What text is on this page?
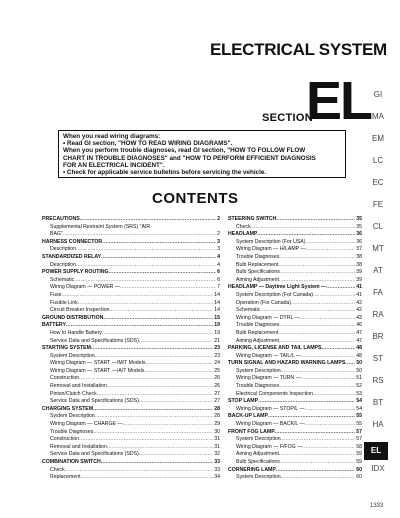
ELECTRICAL SYSTEM
SECTION
EL

When you read wiring diagrams:

• Read GI section, "HOW TO READ WIRING DIAGRAMS".

When you perform trouble diagnoses, read GI section, "HOW TO FOLLOW FLOW

CHART IN TROUBLE DIAGNOSES" and "HOW TO PERFORM EFFICIENT DIAGNOSIS

FOR AN ELECTRICAL INCIDENT".

• Check for applicable service bulletins before servicing the vehicle.

CONTENTS
PRECAUTIONS .....	2
Supplemental Restraint System (SRS) "AIR
BAG" .....	2
HARNESS CONNECTOR .....	3
Description .....	3
STANDARDIZED RELAY .....	4
Description .....	4
POWER SUPPLY ROUTING .....	6
Schematic .....	6
Wiring Diagram — POWER — .....	7
Fuse .....	14
Fusible Link .....	14
Circuit Breaker Inspection .....	14
GROUND DISTRIBUTION .....	15
BATTERY .....	19
How to Handle Battery .....	19
Service Data and Specifications (SDS) .....	21
STARTING SYSTEM .....	23
System Description .....	23
Wiring Diagram — START —/M/T Models .....	24
Wiring Diagram — START —/A/T Models .....	25
Construction .....	26
Removal and Installation .....	26
Pinion/Clutch Check .....	27
Service Data and Specifications (SDS) .....	27
CHARGING SYSTEM .....	28
System Description .....	28
Wiring Diagram — CHARGE — .....	29
Trouble Diagnoses .....	30
Construction .....	31
Removal and Installation .....	31
Service Data and Specifications (SDS) .....	32
COMBINATION SWITCH .....	33
Check .....	33
Replacement .....	34
STEERING SWITCH .....	35
Check .....	35
HEADLAMP .....	36
System Description (For USA) .....	36
Wiring Diagram — H/LAMP — .....	37
Trouble Diagnoses .....	38
Bulb Replacement .....	38
Bulb Specifications .....	39
Aiming Adjustment .....	39
HEADLAMP — Daytime Light System — .....	41
System Description (For Canada) .....	41
Operation (For Canada) .....	42
Schematic .....	42
Wiring Diagram — DTRL — .....	43
Trouble Diagnoses .....	46
Bulb Replacement .....	47
Aiming Adjustment .....	47
PARKING, LICENSE AND TAIL LAMPS .....	48
Wiring Diagram — TAIL/L — .....	48
TURN SIGNAL AND HAZARD WARNING LAMPS ..... 50
System Description .....	50
Wiring Diagram — TURN — .....	51
Trouble Diagnoses .....	52
Electrical Components Inspection .....	53
STOP LAMP .....	54
Wiring Diagram — STOP/L — .....	54
BACK-UP LAMP .....	55
Wiring Diagram — BACK/L — .....	55
FRONT FOG LAMP .....	57
System Description .....	57
Wiring Diagram — F/FOG — .....	58
Aiming Adjustment .....	59
Bulb Specifications .....	59
CORNERING LAMP .....	60
System Description .....	60
GI
MA
EM
LC
EC
FE
CL
MT
AT
FA
RA
BR
ST
RS
BT
HA
EL
IDX
1333
